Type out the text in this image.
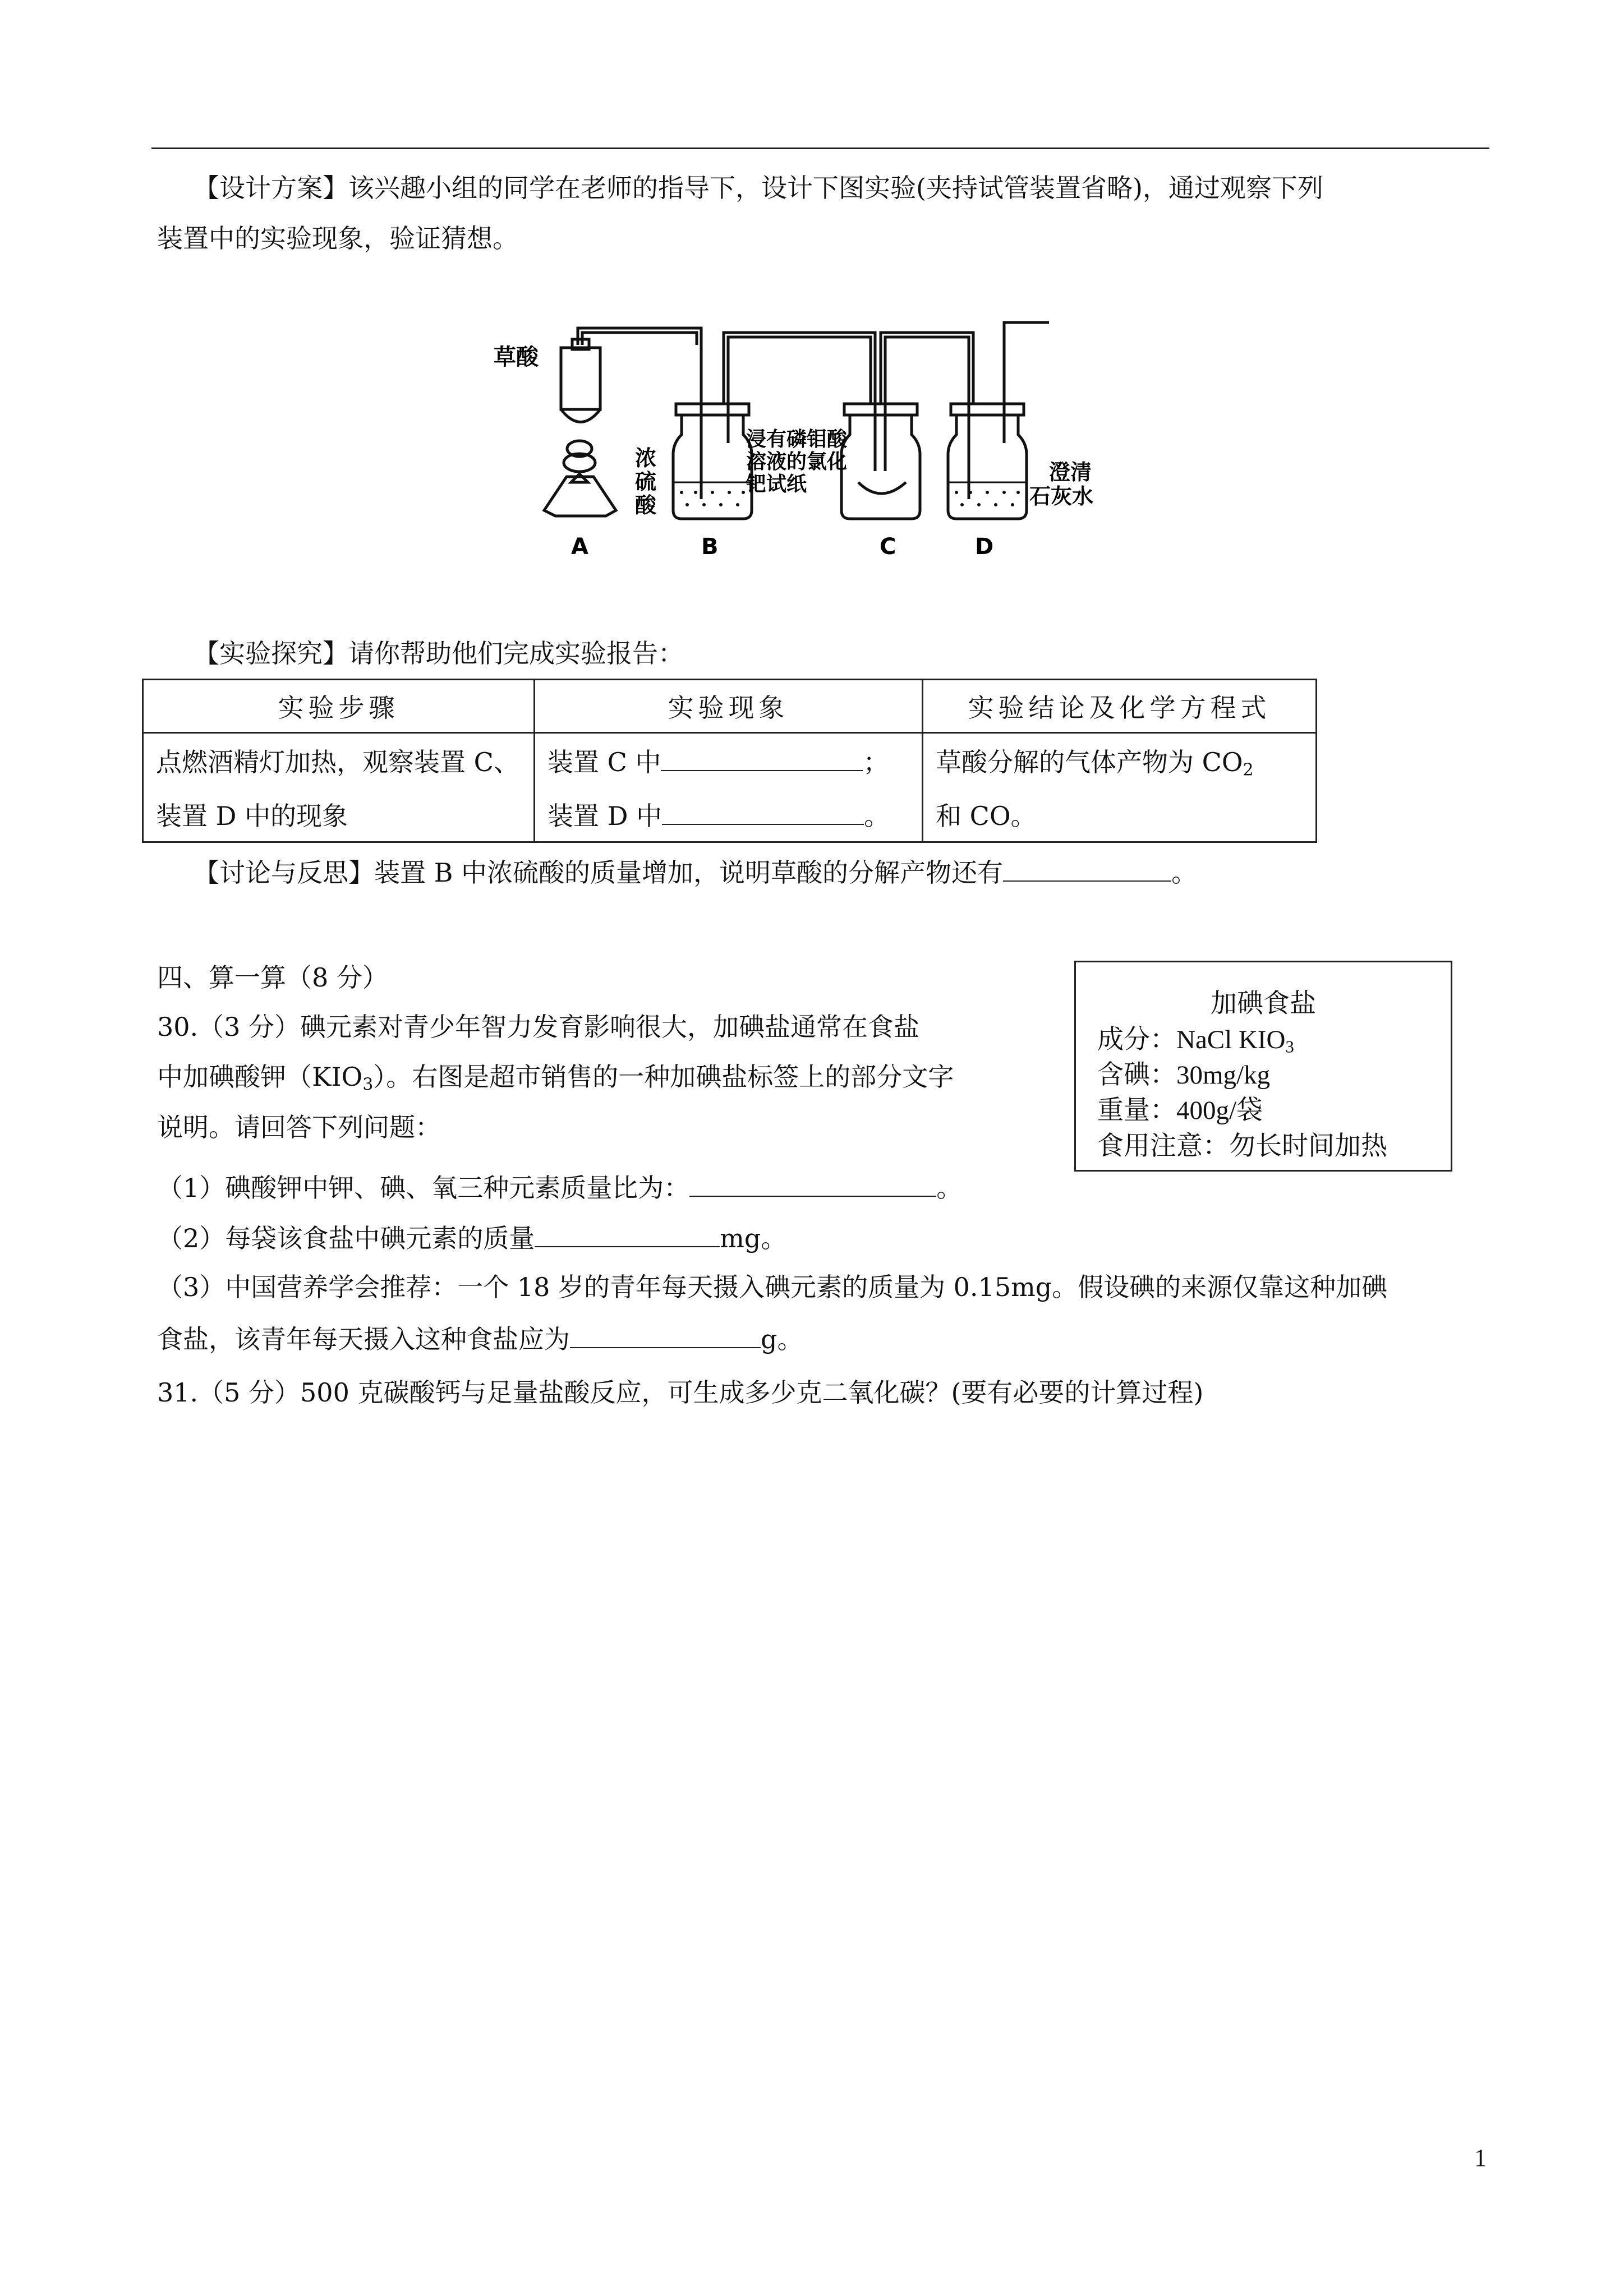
【设计方案】该兴趣小组的同学在老师的指导下，设计下图实验(夹持试管装置省略)，通过观察下列
装置中的实验现象，验证猜想。
草酸
浓
硫
酸
浸有磷钼酸
溶液的氯化
钯试纸	澄清
石灰水
A	B	C	D
【实验探究】请你帮助他们完成实验报告：
实验步骤	实验现象	实验结论及化学方程式
点燃酒精灯加热，观察装置 C、	装置 C 中 ；	草酸分解的气体产物为 $CO_2$
装置 D 中的现象	装置 D 中 。	和 CO。
【讨论与反思】装置 B 中浓硫酸的质量增加，说明草酸的分解产物还有	。
四、算一算（8 分）
30.（3 分）碘元素对青少年智力发育影响很大，加碘盐通常在食盐
中加碘酸钾$(KIO_3)$。右图是超市销售的一种加碘盐标签上的部分文字
说明。请回答下列问题：
（1）碘酸钾中钾、碘、氧三种元素质量比为：	。
（2）每袋该食盐中碘元素的质量	mg。
（3）中国营养学会推荐：一个 18 岁的青年每天摄入碘元素的质量为 0.15mg。假设碘的来源仅靠这种加碘
食盐，该青年每天摄入这种食盐应为	g。
31.（5 分）500 克碳酸钙与足量盐酸反应，可生成多少克二氧化碳？(要有必要的计算过程)
加碘食盐
成分：NaCl $KIO_3$
含碘：30mg/kg
重量：400g/袋
食用注意：勿长时间加热
1
